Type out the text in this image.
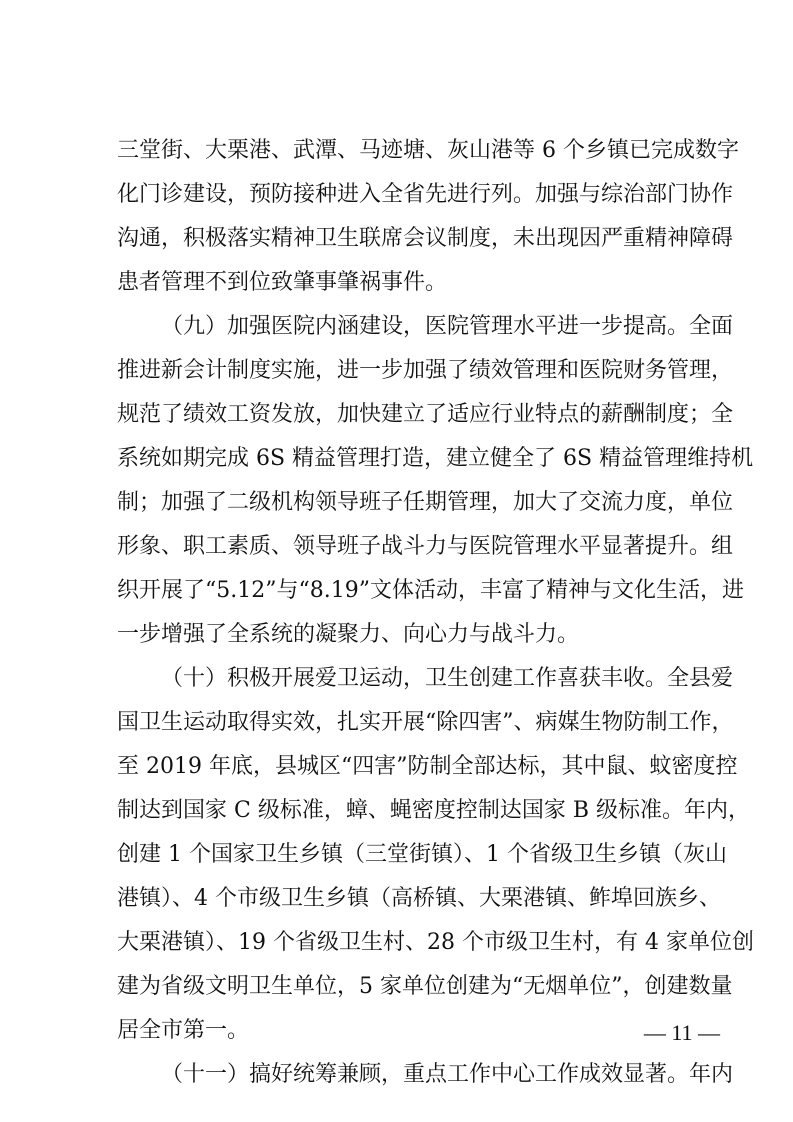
三堂街、大栗港、武潭、马迹塘、灰山港等 6 个乡镇已完成数字
化门诊建设，预防接种进入全省先进行列。加强与综治部门协作
沟通，积极落实精神卫生联席会议制度，未出现因严重精神障碍
患者管理不到位致肇事肇祸事件。
（九）加强医院内涵建设，医院管理水平进一步提高。全面
推进新会计制度实施，进一步加强了绩效管理和医院财务管理，
规范了绩效工资发放，加快建立了适应行业特点的薪酬制度；全
系统如期完成 6S 精益管理打造，建立健全了 6S 精益管理维持机
制；加强了二级机构领导班子任期管理，加大了交流力度，单位
形象、职工素质、领导班子战斗力与医院管理水平显著提升。组
织开展了“5.12”与“8.19”文体活动，丰富了精神与文化生活，进
一步增强了全系统的凝聚力、向心力与战斗力。
（十）积极开展爱卫运动，卫生创建工作喜获丰收。全县爱
国卫生运动取得实效，扎实开展“除四害”、病媒生物防制工作，
至 2019 年底，县城区“四害”防制全部达标，其中鼠、蚊密度控
制达到国家 C 级标准，蟑、蝇密度控制达国家 B 级标准。年内，
创建 1 个国家卫生乡镇（三堂街镇）、1 个省级卫生乡镇（灰山
港镇）、4 个市级卫生乡镇（高桥镇、大栗港镇、鲊埠回族乡、
大栗港镇）、19 个省级卫生村、28 个市级卫生村，有 4 家单位创
建为省级文明卫生单位，5 家单位创建为“无烟单位”，创建数量
居全市第一。
（十一）搞好统筹兼顾，重点工作中心工作成效显著。年内
— 11 —
